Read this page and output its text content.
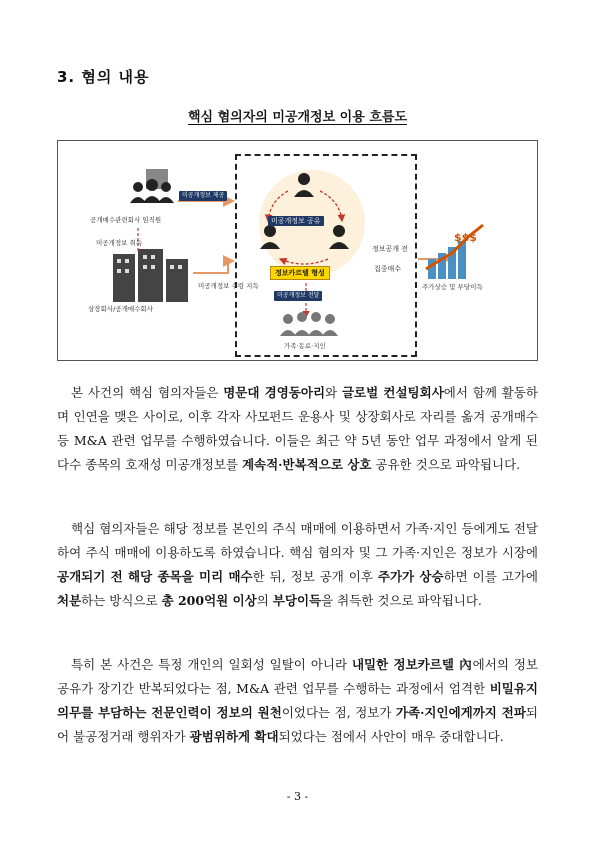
3. 혐의 내용
핵심 혐의자의 미공개정보 이용 흐름도
$$$
미공개정보 제공
공개매수관련회사 임직원
미공개정보 취득
상장회사/공개매수회사
미공개정보 수령 지득
미공개정보 공유
정보카르텔 형성
미공개정보 전달
가족·동료·지인
정보공개 전
집중매수
주가상승 및 부당이득

본 사건의 핵심 혐의자들은 명문대 경영동아리와 글로벌 컨설팅회사에서 함께 활동하며 인연을 맺은 사이로, 이후 각자 사모펀드 운용사 및 상장회사로 자리를 옮겨 공개매수 등 M&A 관련 업무를 수행하였습니다. 이들은 최근 약 5년 동안 업무 과정에서 알게 된 다수 종목의 호재성 미공개정보를 계속적·반복적으로 상호 공유한 것으로 파악됩니다.

핵심 혐의자들은 해당 정보를 본인의 주식 매매에 이용하면서 가족·지인 등에게도 전달하여 주식 매매에 이용하도록 하였습니다. 핵심 혐의자 및 그 가족·지인은 정보가 시장에 공개되기 전 해당 종목을 미리 매수한 뒤, 정보 공개 이후 주가가 상승하면 이를 고가에 처분하는 방식으로 총 200억원 이상의 부당이득을 취득한 것으로 파악됩니다.

특히 본 사건은 특정 개인의 일회성 일탈이 아니라 내밀한 정보카르텔 內에서의 정보 공유가 장기간 반복되었다는 점, M&A 관련 업무를 수행하는 과정에서 엄격한 비밀유지의무를 부담하는 전문인력이 정보의 원천이었다는 점, 정보가 가족·지인에게까지 전파되어 불공정거래 행위자가 광범위하게 확대되었다는 점에서 사안이 매우 중대합니다.

- 3 -
